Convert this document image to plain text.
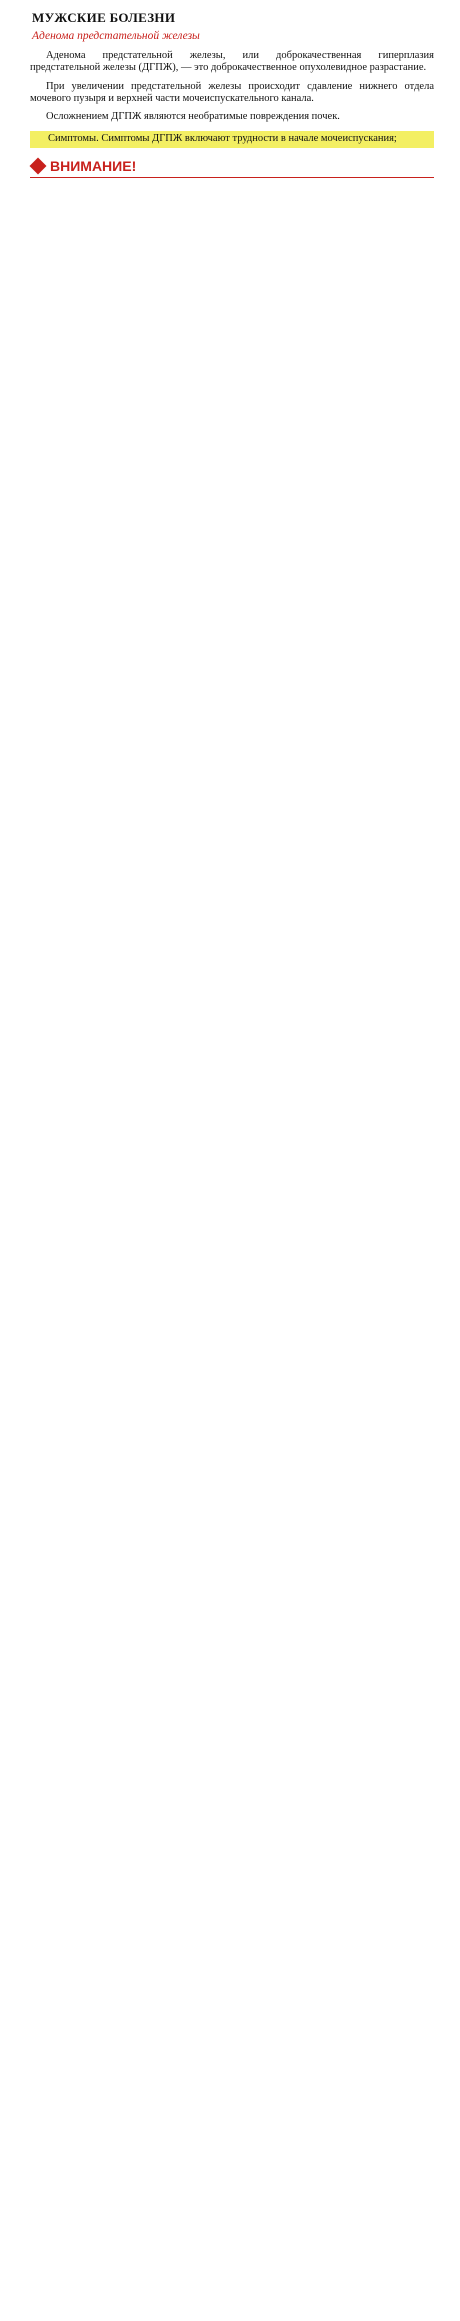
МУЖСКИЕ БОЛЕЗНИ
Аденома предстательной железы

Аденома предстательной железы, или доброкачественная гиперплазия предстательной железы (ДГПЖ), — это доброкачественное опухолевидное разрастание.

При увеличении предстательной железы происходит сдавление нижнего отдела мочевого пузыря и верхней части мочеиспускательного канала.

Осложнением ДГПЖ являются необратимые повреждения почек.

Симптомы. Симптомы ДГПЖ включают трудности в начале мочеиспускания;

ВНИМАНИЕ!
